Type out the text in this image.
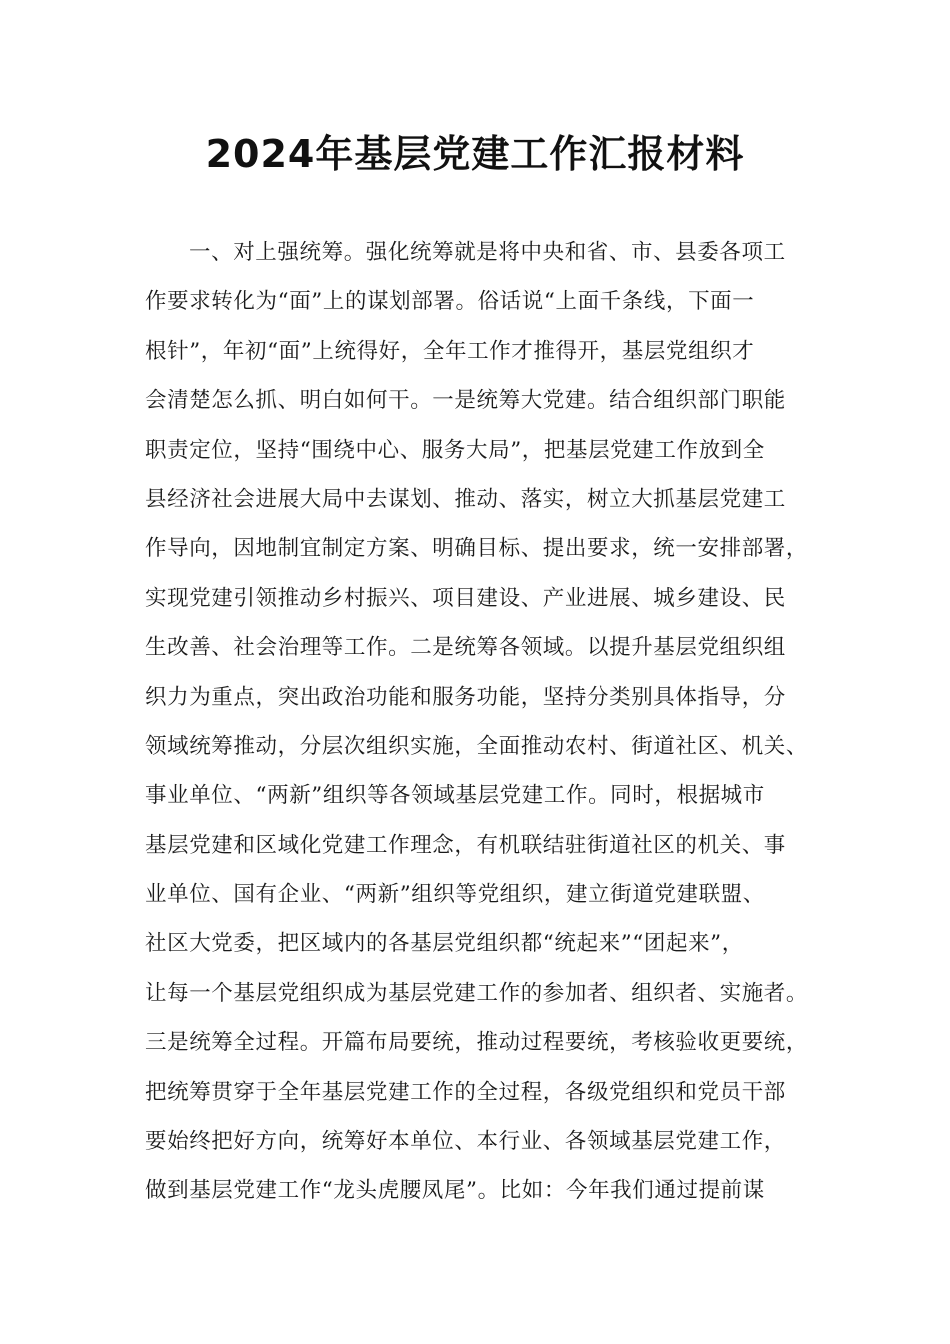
2024年基层党建工作汇报材料
一、对上强统筹。强化统筹就是将中央和省、市、县委各项工
作要求转化为“面”上的谋划部署。俗话说“上面千条线，下面一
根针”，年初“面”上统得好，全年工作才推得开，基层党组织才
会清楚怎么抓、明白如何干。一是统筹大党建。结合组织部门职能
职责定位，坚持“围绕中心、服务大局”，把基层党建工作放到全
县经济社会进展大局中去谋划、推动、落实，树立大抓基层党建工
作导向，因地制宜制定方案、明确目标、提出要求，统一安排部署，
实现党建引领推动乡村振兴、项目建设、产业进展、城乡建设、民
生改善、社会治理等工作。二是统筹各领域。以提升基层党组织组
织力为重点，突出政治功能和服务功能，坚持分类别具体指导，分
领域统筹推动，分层次组织实施，全面推动农村、街道社区、机关、
事业单位、“两新”组织等各领域基层党建工作。同时，根据城市
基层党建和区域化党建工作理念，有机联结驻街道社区的机关、事
业单位、国有企业、“两新”组织等党组织，建立街道党建联盟、
社区大党委，把区域内的各基层党组织都“统起来”“团起来”，
让每一个基层党组织成为基层党建工作的参加者、组织者、实施者。
三是统筹全过程。开篇布局要统，推动过程要统，考核验收更要统，
把统筹贯穿于全年基层党建工作的全过程，各级党组织和党员干部
要始终把好方向，统筹好本单位、本行业、各领域基层党建工作，
做到基层党建工作“龙头虎腰凤尾”。比如：今年我们通过提前谋
